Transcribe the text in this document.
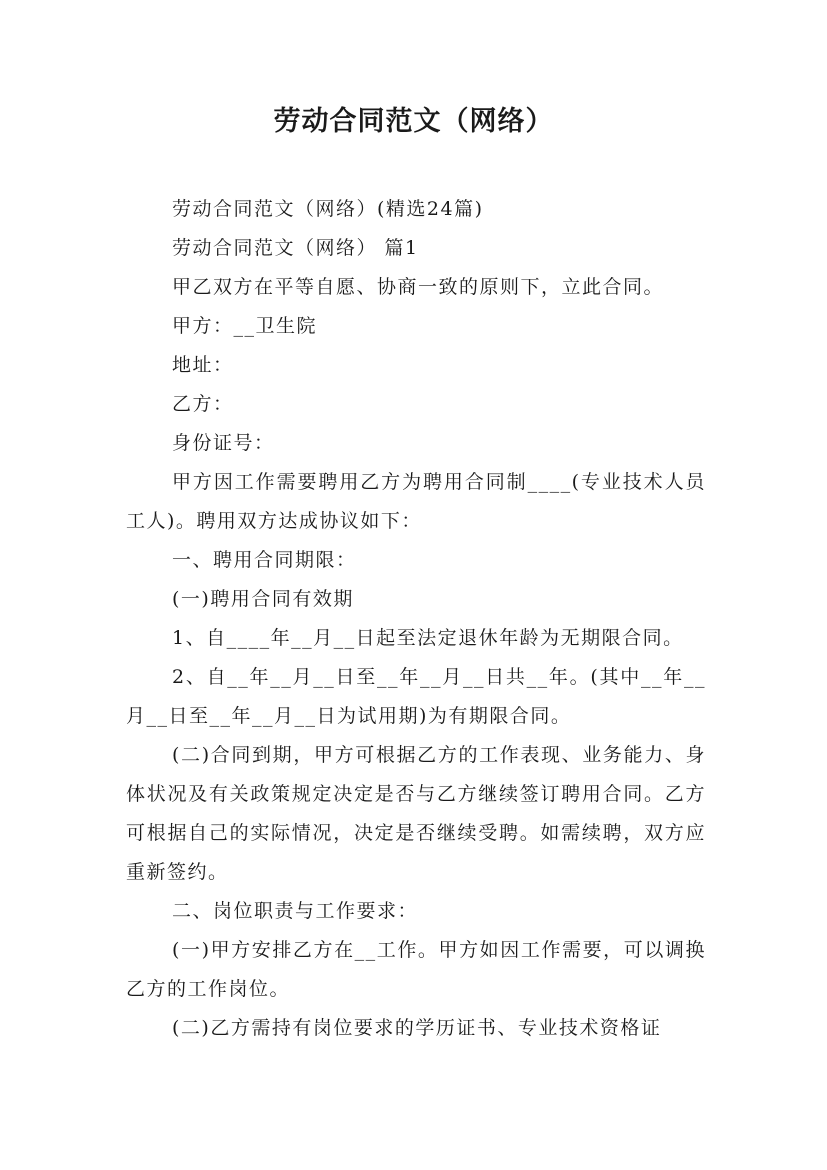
劳动合同范文（网络）

劳动合同范文（网络）(精选24篇)

劳动合同范文（网络） 篇1

甲乙双方在平等自愿、协商一致的原则下，立此合同。

甲方：__卫生院

地址：

乙方：

身份证号：

甲方因工作需要聘用乙方为聘用合同制____(专业技术人员工人)。聘用双方达成协议如下：

一、聘用合同期限：

(一)聘用合同有效期

1、自____年__月__日起至法定退休年龄为无期限合同。

2、自__年__月__日至__年__月__日共__年。(其中__年__月__日至__年__月__日为试用期)为有期限合同。

(二)合同到期，甲方可根据乙方的工作表现、业务能力、身体状况及有关政策规定决定是否与乙方继续签订聘用合同。乙方可根据自己的实际情况，决定是否继续受聘。如需续聘，双方应重新签约。

二、岗位职责与工作要求：

(一)甲方安排乙方在__工作。甲方如因工作需要，可以调换乙方的工作岗位。

(二)乙方需持有岗位要求的学历证书、专业技术资格证
